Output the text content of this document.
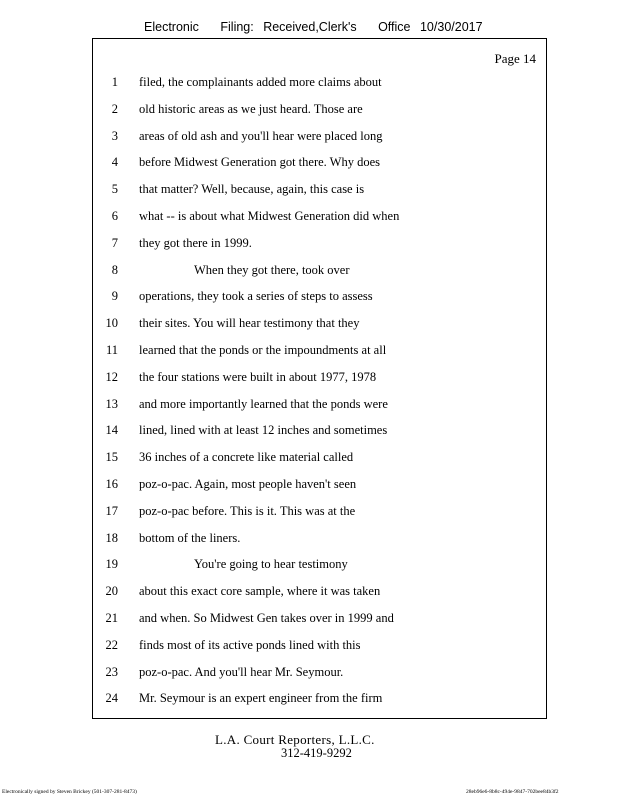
Electronic Filing: Received,Clerk's Office 10/30/2017
Page 14
1 filed, the complainants added more claims about
2 old historic areas as we just heard. Those are
3 areas of old ash and you'll hear were placed long
4 before Midwest Generation got there. Why does
5 that matter? Well, because, again, this case is
6 what -- is about what Midwest Generation did when
7 they got there in 1999.
8	When they got there, took over
9 operations, they took a series of steps to assess
10 their sites. You will hear testimony that they
11 learned that the ponds or the impoundments at all
12 the four stations were built in about 1977, 1978
13 and more importantly learned that the ponds were
14 lined, lined with at least 12 inches and sometimes
15 36 inches of a concrete like material called
16 poz-o-pac. Again, most people haven't seen
17 poz-o-pac before. This is it. This was at the
18 bottom of the liners.
19	You're going to hear testimony
20 about this exact core sample, where it was taken
21 and when. So Midwest Gen takes over in 1999 and
22 finds most of its active ponds lined with this
23 poz-o-pac. And you'll hear Mr. Seymour.
24 Mr. Seymour is an expert engineer from the firm
L.A. Court Reporters, L.L.C.
312-419-9292
Electronically signed by Steven Brickey (501-307-281-8473)	28eb96e6-8b8c-494e-9847-702bee84b3f2
